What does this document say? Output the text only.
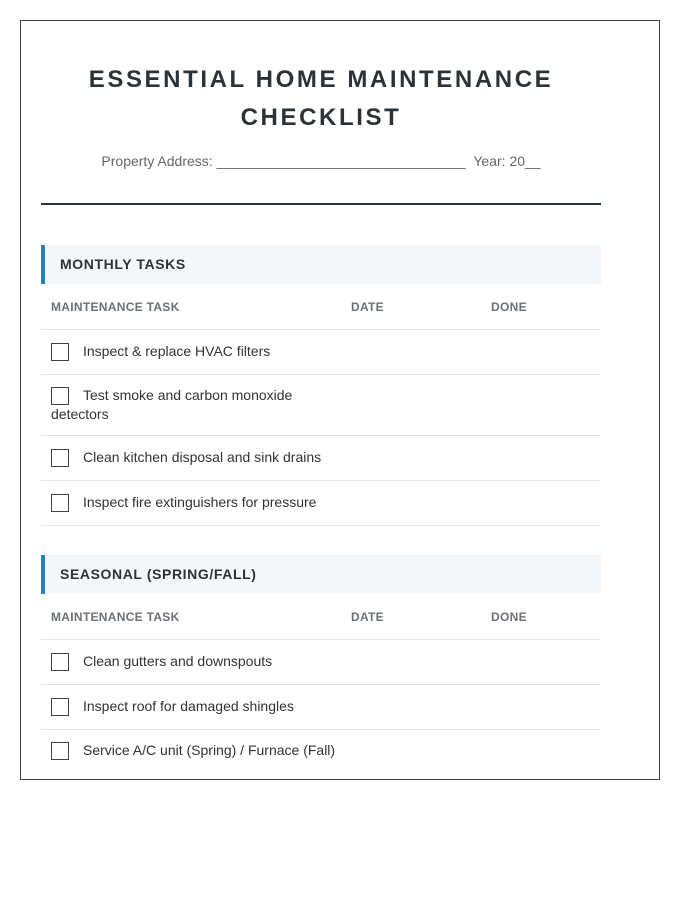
ESSENTIAL HOME MAINTENANCE
CHECKLIST
Property Address: ________________________________ Year: 20__
MONTHLY TASKS
MAINTENANCE TASK	DATE	DONE
Inspect & replace HVAC filters
Test smoke and carbon monoxide detectors
Clean kitchen disposal and sink drains
Inspect fire extinguishers for pressure
SEASONAL (SPRING/FALL)
MAINTENANCE TASK	DATE	DONE
Clean gutters and downspouts
Inspect roof for damaged shingles
Service A/C unit (Spring) / Furnace (Fall)
